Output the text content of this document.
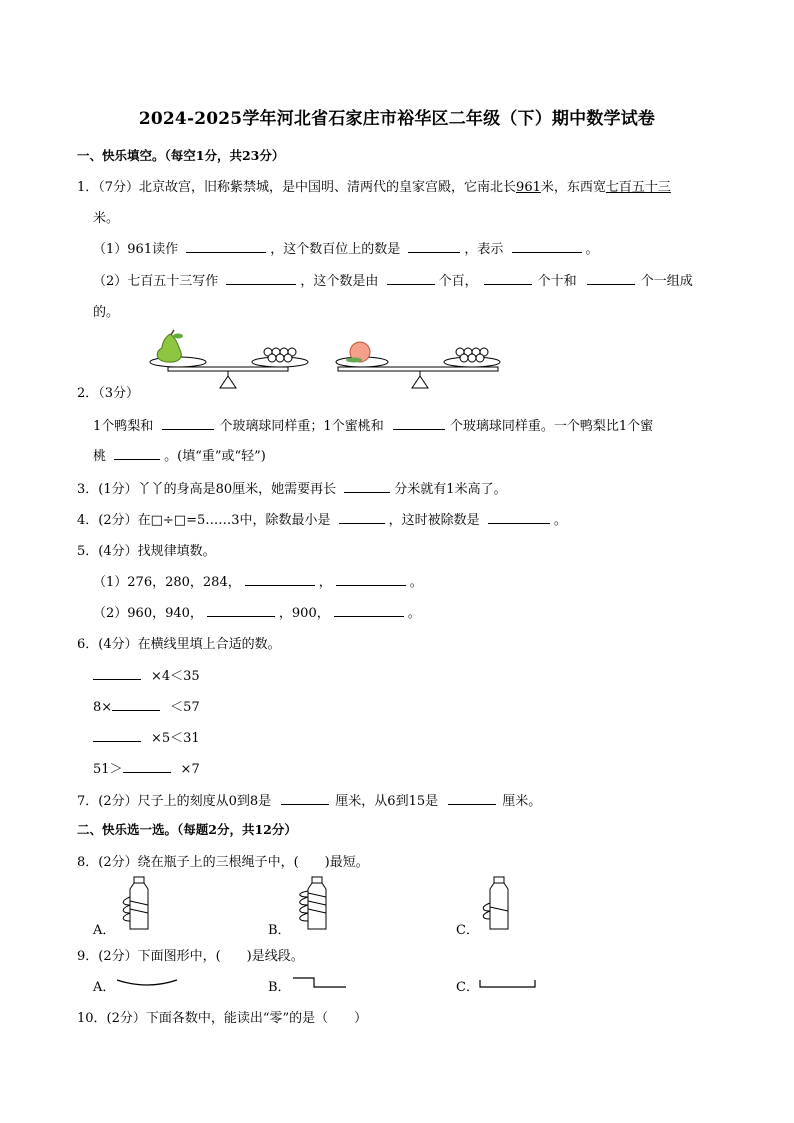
2024-2025学年河北省石家庄市裕华区二年级（下）期中数学试卷
一、快乐填空。（每空1分，共23分）
1．（7分）北京故宫，旧称紫禁城，是中国明、清两代的皇家宫殿，它南北长961米，东西宽七百五十三
米。
（1）961读作	，这个数百位上的数是	，表示	。
（2）七百五十三写作	，这个数是由	个百，	个十和	个一组成
的。
2．（3分）
1个鸭梨和	个玻璃球同样重；1个蜜桃和	个玻璃球同样重。一个鸭梨比1个蜜
桃	。(填“重”或“轻”)
3．(1分）丫丫的身高是80厘米，她需要再长	分米就有1米高了。
4．(2分）在□÷□=5……3中，除数最小是	，这时被除数是	。
5．(4分）找规律填数。
（1）276，280，284，	，	。
（2）960，940，	，900，	。
6．(4分）在横线里填上合适的数。
×4＜35
8×	＜57
×5＜31
51＞	×7
7．(2分）尺子上的刻度从0到8是	厘米，从6到15是	厘米。
二、快乐选一选。（每题2分，共12分）
8．(2分）绕在瓶子上的三根绳子中，(　　)最短。
A．	B．	C．
9．(2分）下面图形中，(　　)是线段。
A．	B．	C．
10．(2分）下面各数中，能读出“零”的是（　　）
